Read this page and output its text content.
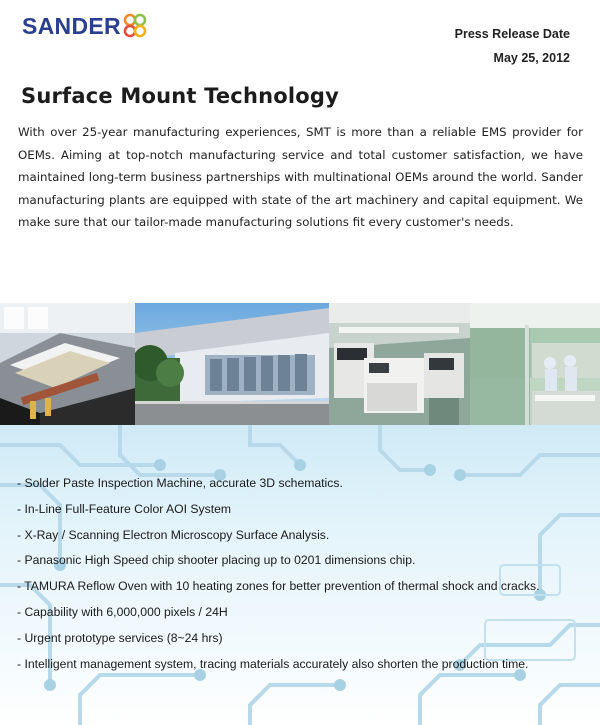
SANDER	Press Release Date
May 25, 2012
Surface Mount Technology

With over 25-year manufacturing experiences, SMT is more than a reliable EMS provider for OEMs. Aiming at top-notch manufacturing service and total customer satisfaction, we have maintained long-term business partnerships with multinational OEMs around the world. Sander manufacturing plants are equipped with state of the art machinery and capital equipment. We make sure that our tailor-made manufacturing solutions fit every customer's needs.

- Solder Paste Inspection Machine, accurate 3D schematics.
- In-Line Full-Feature Color AOI System
- X-Ray / Scanning Electron Microscopy Surface Analysis.
- Panasonic High Speed chip shooter placing up to 0201 dimensions chip.
- TAMURA Reflow Oven with 10 heating zones for better prevention of thermal shock and cracks.
- Capability with 6,000,000 pixels / 24H
- Urgent prototype services (8~24 hrs)
- Intelligent management system, tracing materials accurately also shorten the production time.
